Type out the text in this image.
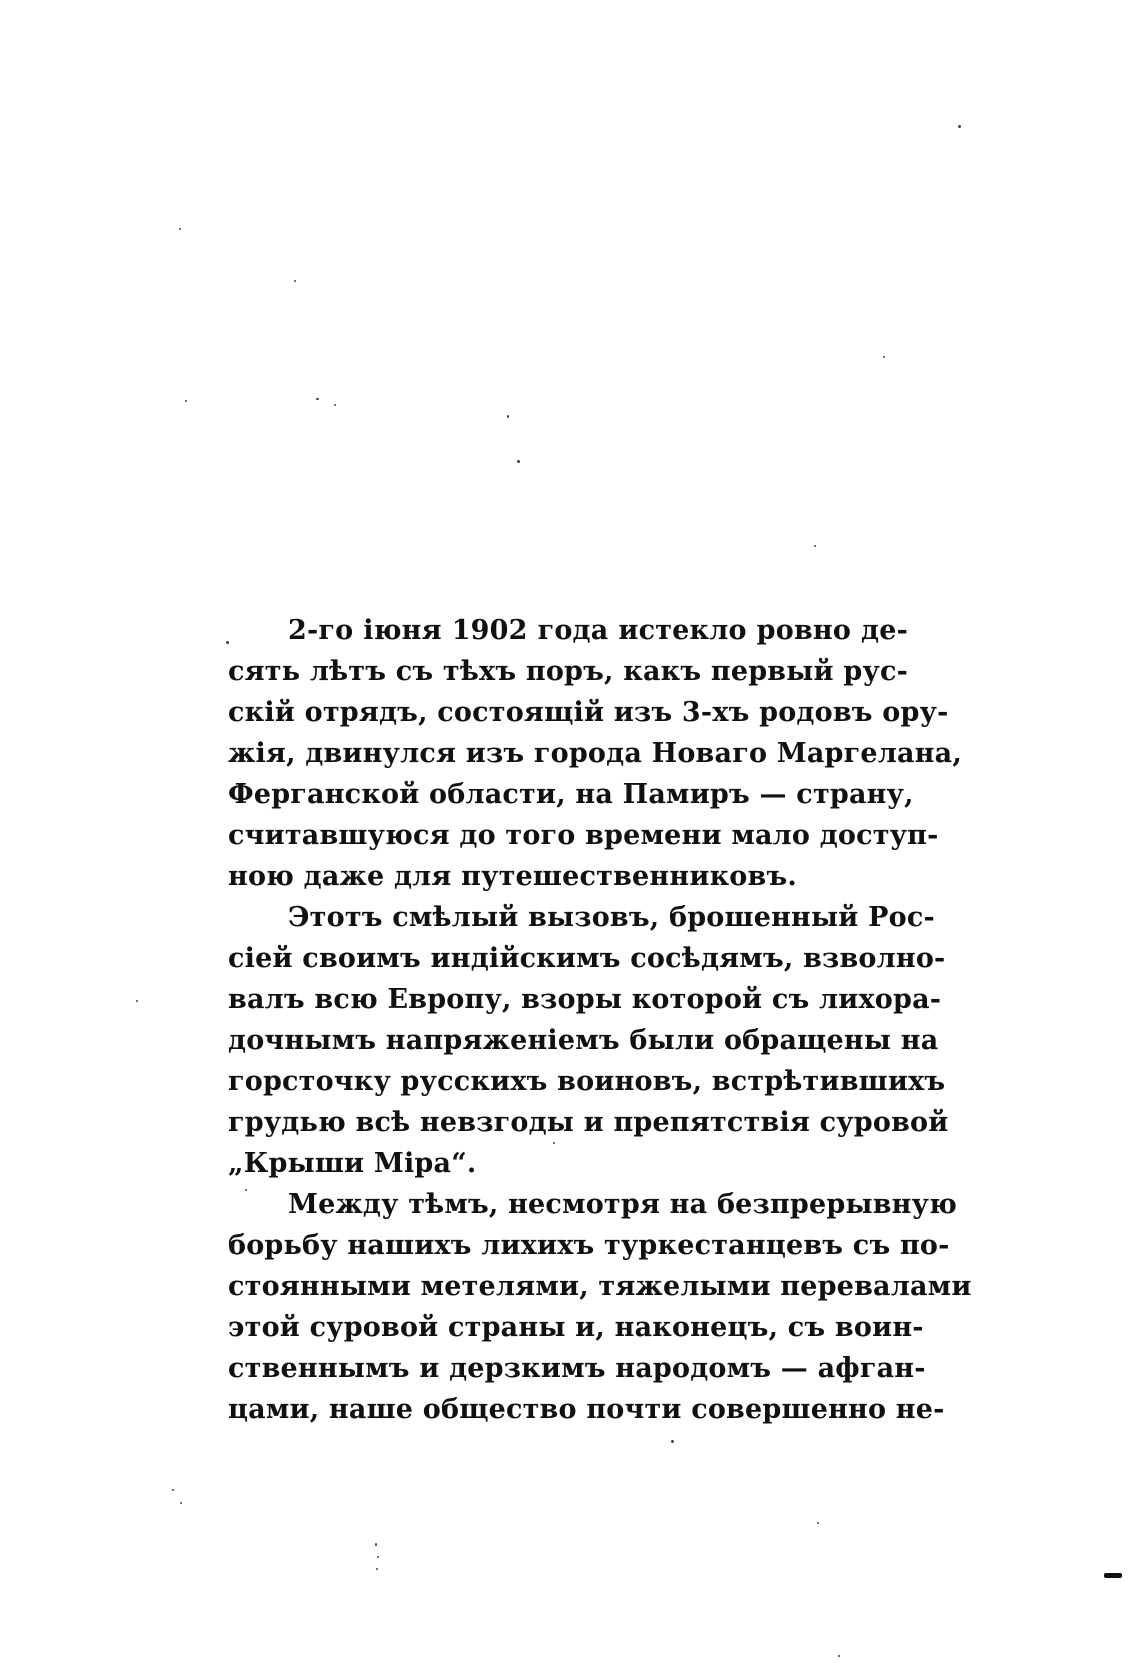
2-го іюня 1902 года истекло ровно де-
сять лѣтъ съ тѣхъ поръ, какъ первый рус-
скій отрядъ, состоящій изъ 3-хъ родовъ ору-
жія, двинулся изъ города Новаго Маргелана,
Ферганской области, на Памиръ — страну,
считавшуюся до того времени мало доступ-
ною даже для путешественниковъ.
Этотъ смѣлый вызовъ, брошенный Рос-
сіей своимъ индійскимъ сосѣдямъ, взволно-
валъ всю Европу, взоры которой съ лихора-
дочнымъ напряженіемъ были обращены на
горсточку русскихъ воиновъ, встрѣтившихъ
грудью всѣ невзгоды и препятствія суровой
„Крыши Міра“.
Между тѣмъ, несмотря на безпрерывную
борьбу нашихъ лихихъ туркестанцевъ съ по-
стоянными метелями, тяжелыми перевалами
этой суровой страны и, наконецъ, съ воин-
ственнымъ и дерзкимъ народомъ — афган-
цами, наше общество почти совершенно не-
